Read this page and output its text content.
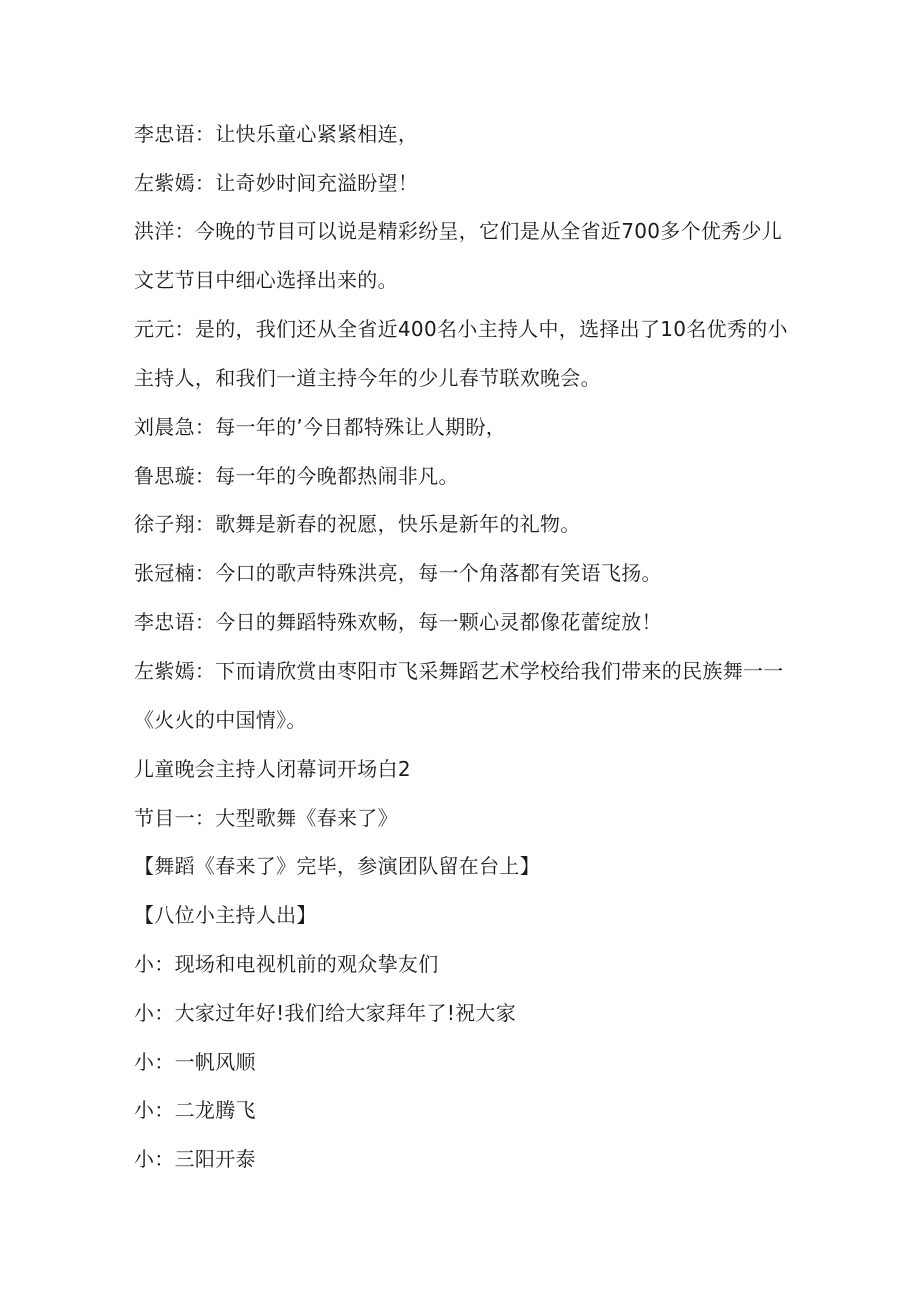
李忠语：让快乐童心紧紧相连，
左紫嫣：让奇妙时间充溢盼望！
洪洋：今晚的节目可以说是精彩纷呈，它们是从全省近700多个优秀少儿
文艺节目中细心选择出来的。
元元：是的，我们还从全省近400名小主持人中，选择出了10名优秀的小
主持人，和我们一道主持今年的少儿春节联欢晚会。
刘晨急：每一年的’今日都特殊让人期盼，
鲁思璇：每一年的今晚都热闹非凡。
徐子翔：歌舞是新春的祝愿，快乐是新年的礼物。
张冠楠：今口的歌声特殊洪亮，每一个角落都有笑语飞扬。
李忠语：今日的舞蹈特殊欢畅，每一颗心灵都像花蕾绽放！
左紫嫣：下而请欣赏由枣阳市飞采舞蹈艺术学校给我们带来的民族舞一一
《火火的中国情》。
儿童晚会主持人闭幕词开场白2
节目一：大型歌舞《春来了》
【舞蹈《春来了》完毕，参演团队留在台上】
【八位小主持人出】
小：现场和电视机前的观众挚友们
小：大家过年好!我们给大家拜年了!祝大家
小：一帆风顺
小：二龙腾飞
小：三阳开泰
